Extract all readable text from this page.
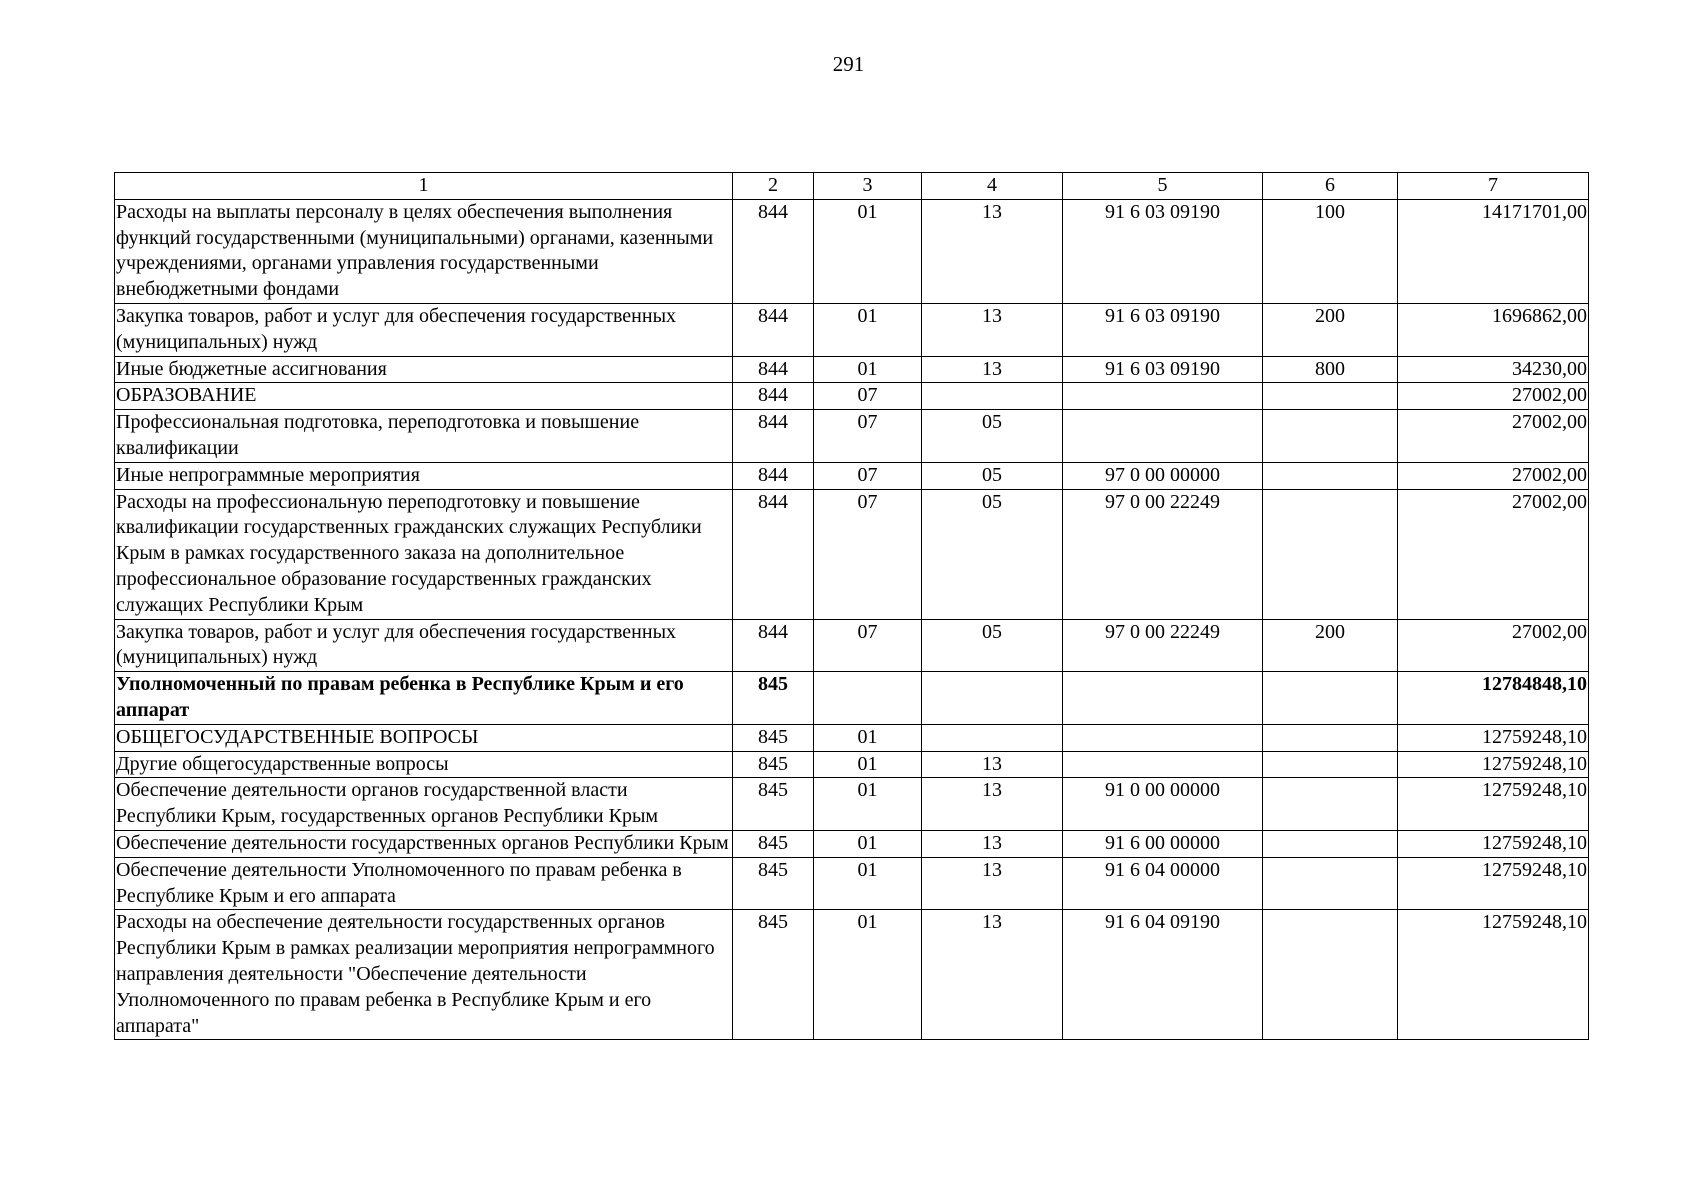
291
1	2	3	4	5	6	7
Расходы на выплаты персоналу в целях обеспечения выполнения функций государственными (муниципальными) органами, казенными учреждениями, органами управления государственными внебюджетными фондами	844	01	13	91 6 03 09190	100	14171701,00
Закупка товаров, работ и услуг для обеспечения государственных (муниципальных) нужд	844	01	13	91 6 03 09190	200	1696862,00
Иные бюджетные ассигнования	844	01	13	91 6 03 09190	800	34230,00
ОБРАЗОВАНИЕ	844	07				27002,00
Профессиональная подготовка, переподготовка и повышение квалификации	844	07	05			27002,00
Иные непрограммные мероприятия	844	07	05	97 0 00 00000		27002,00
Расходы на профессиональную переподготовку и повышение квалификации государственных гражданских служащих Республики Крым в рамках государственного заказа на дополнительное профессиональное образование государственных гражданских служащих Республики Крым	844	07	05	97 0 00 22249		27002,00
Закупка товаров, работ и услуг для обеспечения государственных (муниципальных) нужд	844	07	05	97 0 00 22249	200	27002,00
Уполномоченный по правам ребенка в Республике Крым и его аппарат	845					12784848,10
ОБЩЕГОСУДАРСТВЕННЫЕ ВОПРОСЫ	845	01				12759248,10
Другие общегосударственные вопросы	845	01	13			12759248,10
Обеспечение деятельности органов государственной власти Республики Крым, государственных органов Республики Крым	845	01	13	91 0 00 00000		12759248,10
Обеспечение деятельности государственных органов Республики Крым	845	01	13	91 6 00 00000		12759248,10
Обеспечение деятельности Уполномоченного по правам ребенка в Республике Крым и его аппарата	845	01	13	91 6 04 00000		12759248,10
Расходы на обеспечение деятельности государственных органов Республики Крым в рамках реализации мероприятия непрограммного направления деятельности "Обеспечение деятельности Уполномоченного по правам ребенка в Республике Крым и его аппарата"	845	01	13	91 6 04 09190		12759248,10
